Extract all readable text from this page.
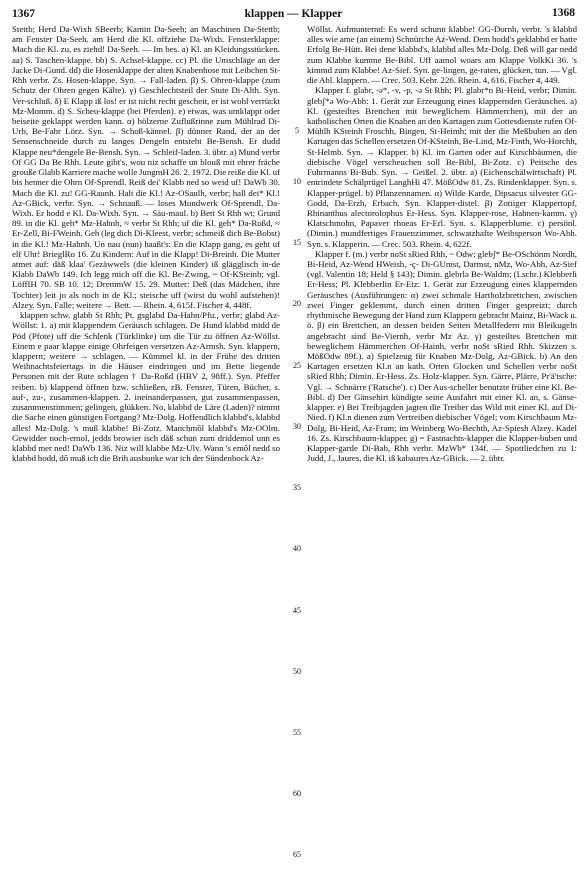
1367	klappen — Klapper	1368

Stettb; Herd Da-Wixh SBeerb; Kamin Da-Seeh; an Maschinen Da-Stettb; am Fenster Da-Seeh. am Herd die Kl. offziehe Da-Wixh. Fensterklappe: Mach die Kl. zu, es ziehd! Da-Seeh. — Im bes. a) Kl. an Kleidungsstücken. aa) S. Taschen-klappe. bb) S. Achsel-klappe. cc) Pl. die Umschläge an der Jacke Di-Gund. dd) die Hosenklappe der alten Knabenhose mit Leibchen St-Rhh verbr. Zs. Hosen-klappe. Syn. → Fall-laden. β) S. Ohren-klappe (zum Schutz der Ohren gegen Kälte). γ) Geschlechtsteil der Stute Di-Alth. Syn. Ver-schluß. δ) E Klapp iß los! er ist nicht recht gescheit, er ist wohl verrückt Mz-Momm. d) S. Scheu-klappe (bei Pferden). e) etwas, was umklappt oder beiseite geklappt werden kann. α) hölzerne Zuflußrinne zum Mühlrad Di-Urb, Be-Fahr Lörz. Syn. → Schoß-kännel. β) dünner Rand, der an der Sensenschneide durch zu langes Dengeln entsteht Be-Bensh. Er dudd Klappe neu*dengele Be-Bensh. Syn. → Schleif-laden. 3. übtr. a) Mund verbr Of GG Da Be Rhh. Leute gibt's, wou niz schaffe un blouß mit ehrer fräche grouße Glabb Karriere mache wolle JungmH 26. 2. 1972. Die reiße die Kl. uf bis henner die Ohrn Of-Sprendl. Reiß dei' Klabb ned so weid uf! DaWb 30. Mach die Kl. zu! GG-Raunh. Halt die Kl.! Az-OSaulh, verbr; hall dei* Kl.! Az-GBick, verbr. Syn. → Schnauß. — loses Mundwerk Of-Sprendl, Da-Wixh. Er hodd e Kl. Da-Wixh. Syn. → Säu-maul. b) Bett St Rhh wt; Grund 89. in die Kl. geh* Mz-Hahnh, ≈ verbr St Rhh; uf die Kl. geh* Da-Roßd, ≈ Er-Zell, Bi-FWeinh. Geh (leg dich Di-Kleest, verbr; schmeiß dich Be-Bobst) in die Kl.! Mz-Hahnh. Un nau (nun) haaßt's: En die Klapp gang, es geht uf elf Uhr! BrieglRo 16. Zu Kindern: Auf in die Klapp! Di-Breinh. Die Mutter atmet auf: däß klaa' Gezäwwels (die kleinen Kinder) iß glägglisch in-de Klabb DaWb 149. Ich legg mich off die Kl. Be-Zwing, ~ Of-KSteinh; vgl. LöffIH 70. SB 10. 12; DremmW 15. 29. Mutter: Deß (das Mädchen, ihre Tochter) leit jo als noch in de Kl.; steische uff (wirst du wohl aufstehen)! Alzey. Syn. Falle; weitere → Bett. — Rhein. 4, 615f. Fischer 4, 448f.

klappen schw. glabb St Rhh; Pt. gsglabd Da-Hahn/Pfu., verbr; glabd Az-Wöllst: 1. a) mit klappendem Geräusch schlagen. De Hund klabbd midd de Pöd (Pfote) uff die Schlenk (Türklinke) um die Tür zu öffnen Az-Wöllst. Einem e paar klappe einige Ohrfeigen versetzen Az-Armsh. Syn. klappern, klappern; weitere → schlagen. — Kümmel kl. in der Frühe des dritten Weihnachtsfeiertags in die Häuser eindringen und im Bette liegende Personen mit der Rute schlagen † Da-Roßd (HBV 2, 98ff.). Syn. Pfeffer reiben. b) klappend öffnen bzw. schließen, zB. Fenster, Türen, Bücher, s. auf-, zu-, zusammen-klappen. 2. ineinanderpassen, gut zusammenpassen, zusammenstimmen; gelingen, glükken. No, klabbd de Läre (Laden)? nimmt die Sache einen günstigen Fortgang? Mz-Dolg. Hoffendlich klabbd's, klabbd alles! Mz-Dolg. 's muß klabbe! Bi-Zotz. Manchmôl klabbd's Mz-OOlm. Gewidder noch-emol, jedds browier isch däß schun zum driddemol unn es klabbd mer ned! DaWb 136. Niz will klabbe Mz-Ulv. Wann 's emôl nedd so klabbd hodd, dô muß ich die Brih ausbunke war ich der Sündenbock Az-

5
10
15
20
25
30
35
40
45
50
55
60
65

Wöllst. Aufmunternd: Es werd schunn klabbe! GG-Dornh, verbr. 's klabbd alles wie ame (an einem) Schnürche Az-Wend. Dem hodd's geklabbd er hatte Erfolg Be-Hütt. Bei dene klabbd's, klabbd alles Mz-Dolg. Deß will gar nedd zum Klabbe kumme Be-Bibl. Uff aamol woars am Klappe VolkKi 36. 's kimmd zum Klabbe! Az-Sief. Syn. ge-lingen, ge-raten, glücken, tun. — Vgl. die Abl. klappern. — Crec. 503. Kehr. 226. Rhein. 4, 616. Fischer 4, 449.

Klapper f. glabr, -ə*, -v, -p, -ə St Rhh; Pl. glabr*n Bi-Heid, verbr; Dimin. glebʃ*ə Wo-Abh: 1. Gerät zur Erzeugung eines klappernden Geräusches. a) Kl. (gesteiltes Brettchen mit beweglichem Hämmerchen), mit der an katholischen Orten die Knaben an den Kartagen zum Gottesdienste rufen Of-Mühlh KSteinh Froschh, Bingen, St-Heimh; mit der die Meßbuben an den Kartagen das Schellen ersetzen Of-KSteinh, Be-Lind, Mz-Finth, Wo-Horchh, St-Helmb. Syn. → Klapper. b) Kl. im Garten oder auf Kirschbäumen, die diebische Vögel verscheuchen soll Be-Bibl, Bi-Zotz. c) Peitsche des Fuhrmanns Bi-Bub. Syn. → Geißel. 2. übtr. a) (Eichenschälwirtschaft) Pl. entrindete Schälprügel LanghHi 47. MößOdw 81. Zs. Rindenklapper. Syn. s. Klapper-prügel. b) Pflanzennamen. α) Wilde Karde, Dipsacus silvester GG-Godd, Da-Erzh, Erbach. Syn. Klapper-distel. β) Zottiger Klappertopf, Rhinanthus alectorolophus Er-Hess. Syn. Klapper-rose, Hahnen-kamm. γ) Klatschmohn, Papaver rhoeas Er-Erl. Syn. s. Klapperblume. c) persönl. (Dimin.) mundfertiges Frauenzimmer, schwatzhafte Weibsperson Wo-Abh. Syn. s. Klapperin. — Crec. 503. Rhein. 4, 622f.

Klapper f. (m.) verbr noSt sRied Rhh, ~ Odw; glebʃ* Be-OSchönm Nordh, Bi-Heid, Az-Wend HWeish, -ç- Di-GUmst, Darmst, nMz, Wo-Abh, Az-Sief (vgl. Valentin 18; Held § 143); Dimin. glebrlə Be-Waldm; (Lschr.) Klebberli Er-Hess; Pl. Klebberlin Er-Etz: 1. Gerät zur Erzeugung eines klappernden Geräusches (Ausführungen: α) zwei schmale Hartholzbrettchen, zwischen zwei Finger geklemmt, durch einen dritten Finger gespreizt; durch rhythmische Bewegung der Hand zum Klappern gebracht Mainz, Bi-Wack u. ö. β) ein Brettchen, an dessen beiden Seiten Metallfedern mit Bleikugeln angebracht sind Be-Viernh, verbr Mz Az. γ) gesteiltes Brettchen mit beweglichem Hämmerchen Of-Hainh, verbr noSt sRied Rhh. Skizzen s. MößOdw 89f.). a) Spielzeug für Knaben Mz-Dolg, Az-GBick. b) An den Kartagen ersetzen Kl.n an kath. Orten Glocken und Schellen verbr noSt sRied Rhh; Dimin. Er-Hess. Zs. Holz-klapper. Syn. Gärre, Plärre, Pr'ä'tsche: Vgl. → Schnärre ('Ratsche'). c) Der Aus-scheller benutzte früher eine Kl. Be-Bibl. d) Der Gänsehirt kündigte seine Ausfahrt mit einer Kl. an, s. Gänse-klapper. e) Bei Treibjagden jagten die Treiber das Wild mit einer Kl. auf Di-Nied. f) Kl.n dienen zum Vertreiben diebischer Vögel; vom Kirschbaum Mz-Dolg, Bi-Heid, Az-Fram; im Weinberg Wo-Bechth, Az-Spiesh Alzey. Kadel 16. Zs. Kirschbaum-klapper. g) = Fastnachts-klapper die Klapper-buben und Klapper-garde Di-Bab, Rhh verbr. MzWb* 134f. — Spottliedchen zu 1: Judd, J., Jaures, die Kl. iß kabaures Az-GBick. — 2. übtr.
